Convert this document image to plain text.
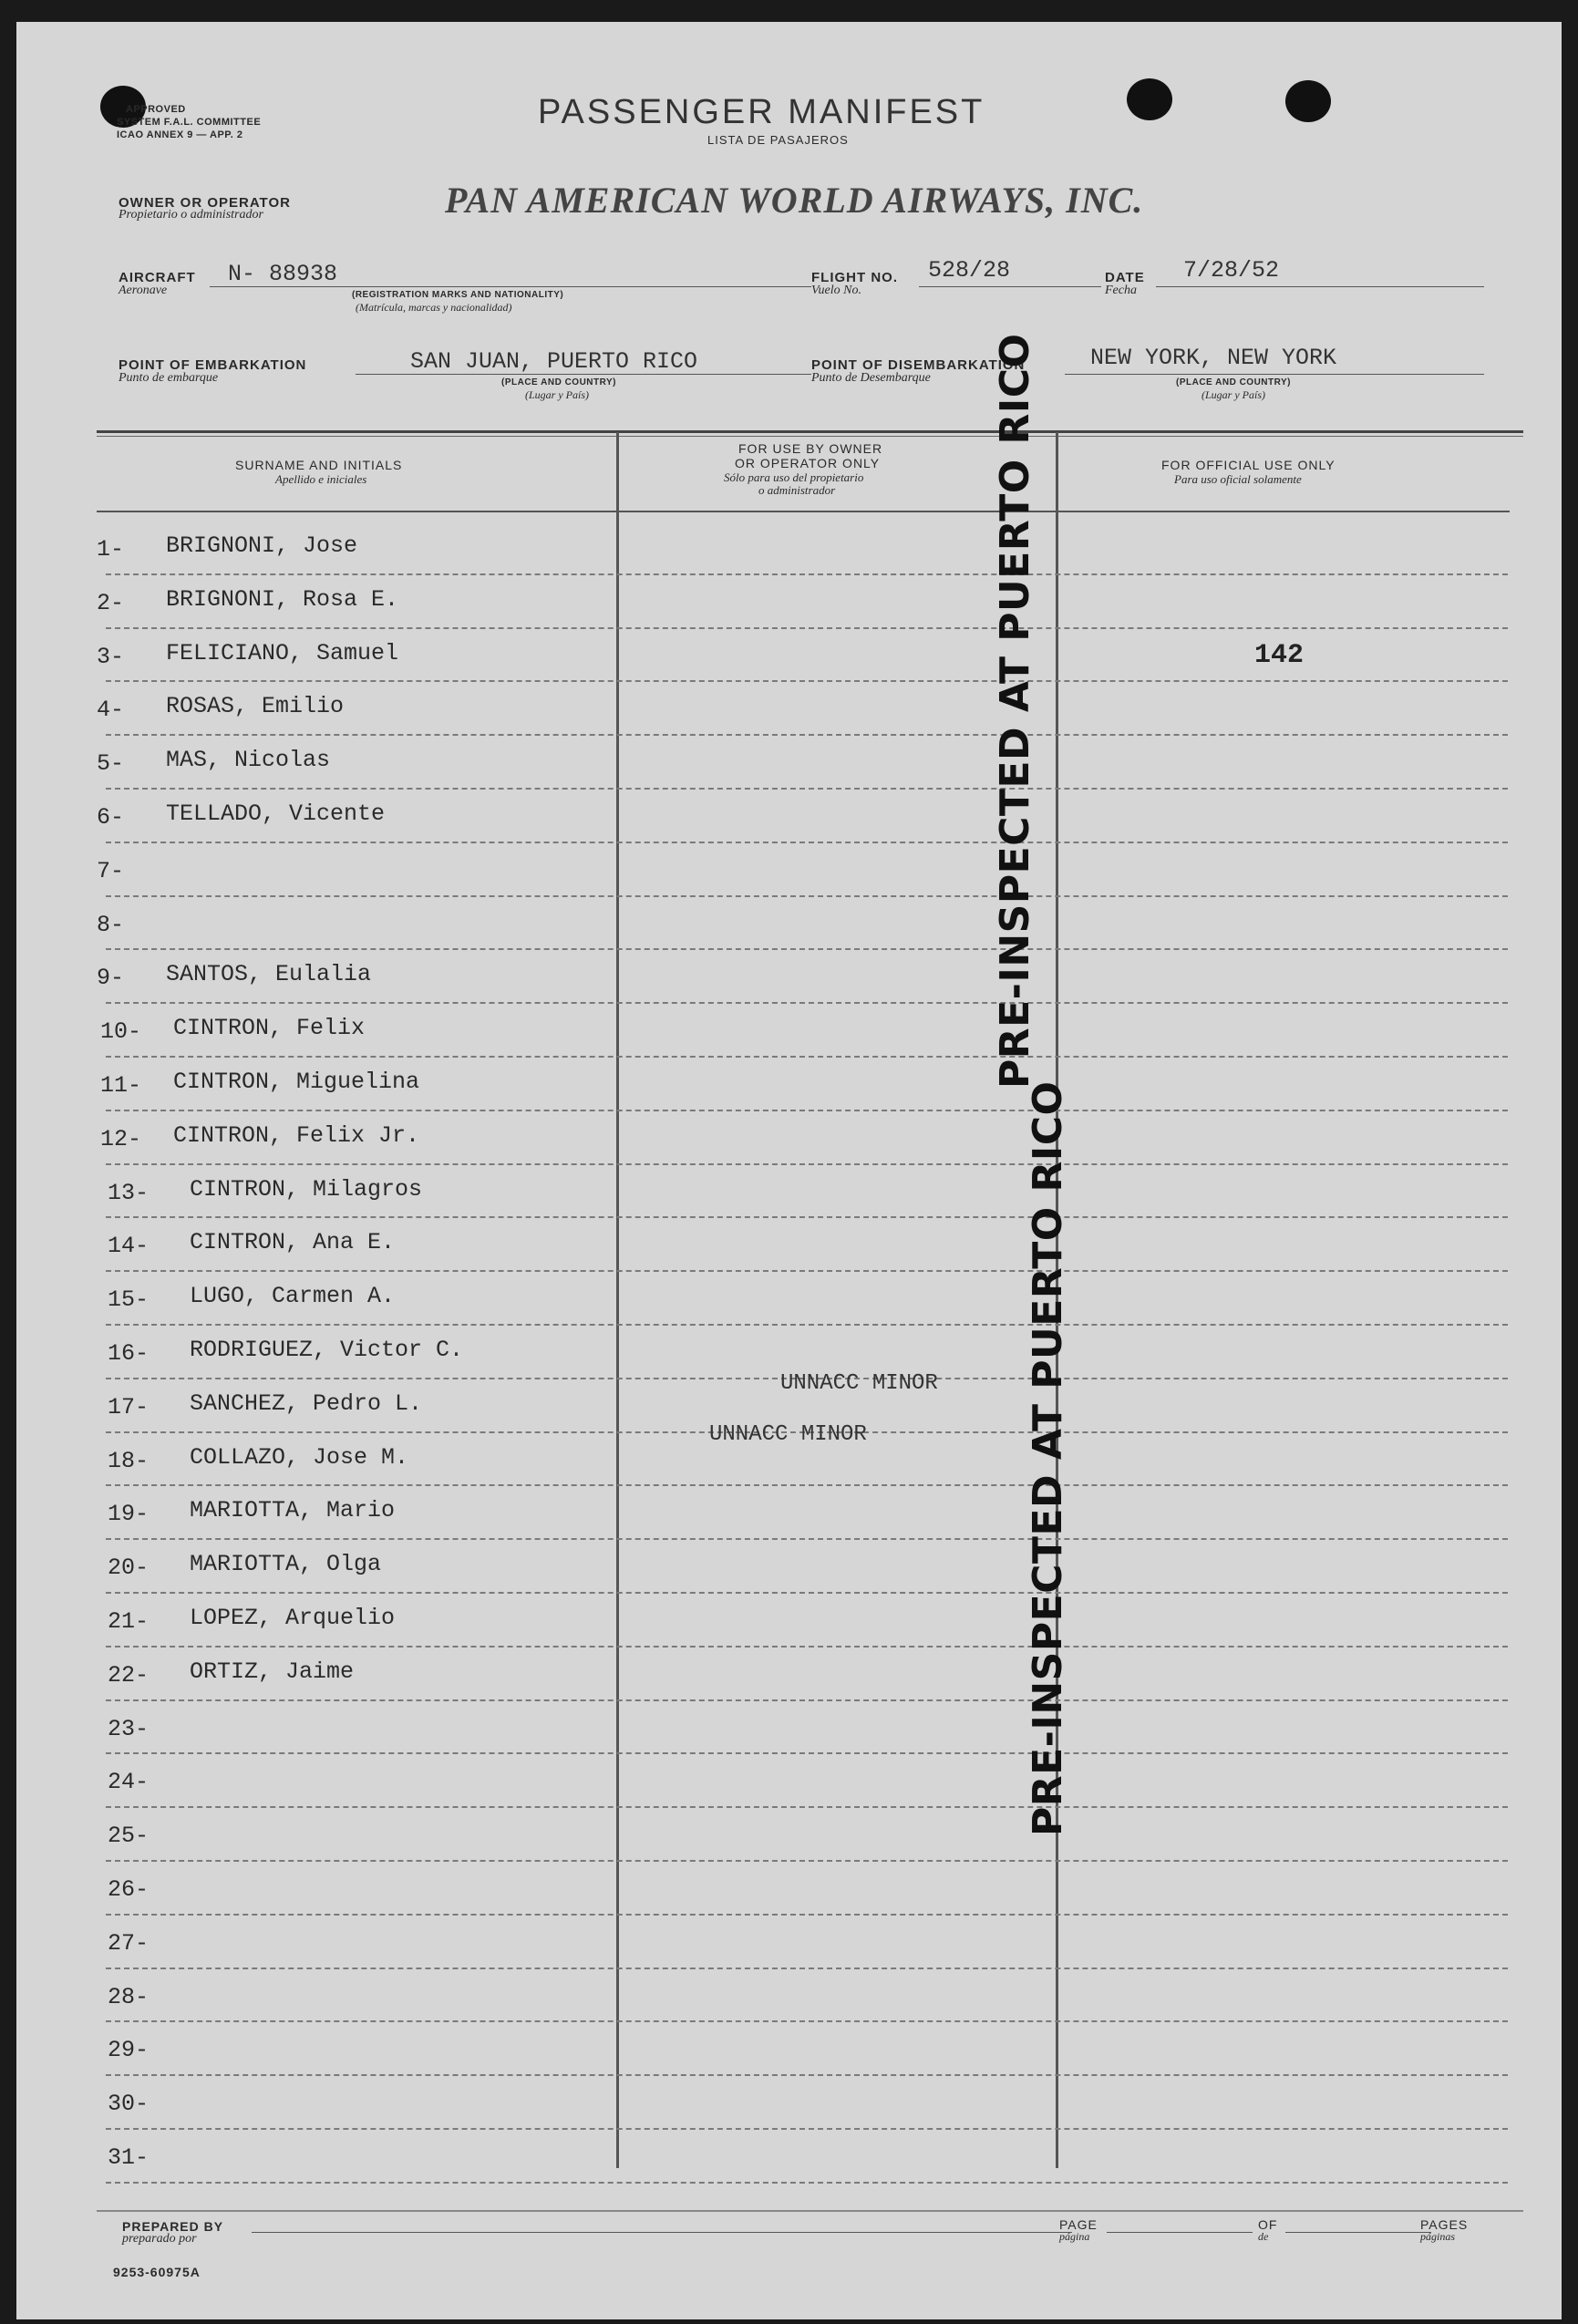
APPROVED
SYSTEM F.A.L. COMMITTEE
ICAO ANNEX 9 — APP. 2
PASSENGER MANIFEST
LISTA DE PASAJEROS
OWNER OR OPERATOR
Propietario o administrador	PAN AMERICAN WORLD AIRWAYS, INC.
AIRCRAFT
Aeronave
N- 88938
(REGISTRATION MARKS AND NATIONALITY)
(Matrícula, marcas y nacionalidad)
FLIGHT NO.
Vuelo No.
528/28	DATE
Fecha
7/28/52
POINT OF EMBARKATION
Punto de embarque
SAN JUAN, PUERTO RICO
(PLACE AND COUNTRY)
(Lugar y País)
POINT OF DISEMBARKATION
Punto de Desembarque
NEW YORK, NEW YORK
(PLACE AND COUNTRY)
(Lugar y País)
SURNAME AND INITIALS
Apellido e iniciales
FOR USE BY OWNER
OR OPERATOR ONLY
Sólo para uso del propietario
o administrador
FOR OFFICIAL USE ONLY
Para uso oficial solamente
1- BRIGNONI, Jose
2- BRIGNONI, Rosa E.
3- FELICIANO, Samuel
4- ROSAS, Emilio
5- MAS, Nicolas
6- TELLADO, Vicente
7-
8-
9- SANTOS, Eulalia
10- CINTRON, Felix
11- CINTRON, Miguelina
12- CINTRON, Felix Jr.
13- CINTRON, Milagros
14- CINTRON, Ana E.
15- LUGO, Carmen A.
16- RODRIGUEZ, Victor C.
17- SANCHEZ, Pedro L.
18- COLLAZO, Jose M.
19- MARIOTTA, Mario
20- MARIOTTA, Olga
21- LOPEZ, Arquelio
22- ORTIZ, Jaime
23-
24-
25-
26-
27-
28-
29-
30-
31-
UNNACC MINOR
UNNACC MINOR
142
PRE-INSPECTED AT PUERTO RICO
PRE-INSPECTED AT PUERTO RICO
PREPARED BY
preparado por
PAGE
página
OF
de
PAGES
páginas
9253-60975A
